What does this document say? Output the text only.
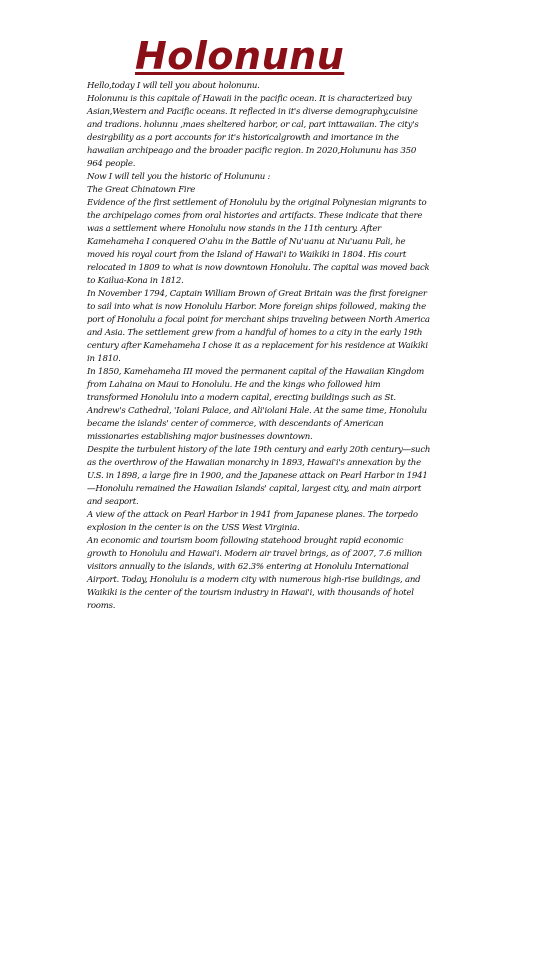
Holonunu

Hello,today I will tell you about holonunu.

Holonunu is this capitale of Hawaii in the pacific ocean. It is characterized buy Asian,Western and Pacific oceans. It reflected in it's diverse demography,cuisine and tradions. holunnu ,maes sheltered harbor, or cal, part inttawaiian. The city's desirgbility as a port accounts for it's historicalgrowth and imortance in the hawaiian archipeago and the broader pacific region. In 2020,Holununu has 350 964 people.

Now I will tell you the historic of Holununu :

The Great Chinatown Fire

Evidence of the first settlement of Honolulu by the original Polynesian migrants to the archipelago comes from oral histories and artifacts. These indicate that there was a settlement where Honolulu now stands in the 11th century. After Kamehameha I conquered O'ahu in the Battle of Nu'uanu at Nu'uanu Pali, he moved his royal court from the Island of Hawai'i to Waikiki in 1804. His court relocated in 1809 to what is now downtown Honolulu. The capital was moved back to Kailua-Kona in 1812.

In November 1794, Captain William Brown of Great Britain was the first foreigner to sail into what is now Honolulu Harbor. More foreign ships followed, making the port of Honolulu a focal point for merchant ships traveling between North America and Asia. The settlement grew from a handful of homes to a city in the early 19th century after Kamehameha I chose it as a replacement for his residence at Waikiki in 1810.

In 1850, Kamehameha III moved the permanent capital of the Hawaiian Kingdom from Lahaina on Maui to Honolulu. He and the kings who followed him transformed Honolulu into a modern capital, erecting buildings such as St. Andrew's Cathedral, 'Iolani Palace, and Ali'iolani Hale. At the same time, Honolulu became the islands' center of commerce, with descendants of American missionaries establishing major businesses downtown.

Despite the turbulent history of the late 19th century and early 20th century—such as the overthrow of the Hawaiian monarchy in 1893, Hawai'i's annexation by the U.S. in 1898, a large fire in 1900, and the Japanese attack on Pearl Harbor in 1941—Honolulu remained the Hawaiian Islands' capital, largest city, and main airport and seaport.

A view of the attack on Pearl Harbor in 1941 from Japanese planes. The torpedo explosion in the center is on the USS West Virginia.

An economic and tourism boom following statehood brought rapid economic growth to Honolulu and Hawai'i. Modern air travel brings, as of 2007, 7.6 million visitors annually to the islands, with 62.3% entering at Honolulu International Airport. Today, Honolulu is a modern city with numerous high-rise buildings, and Waikiki is the center of the tourism industry in Hawai'i, with thousands of hotel rooms.
